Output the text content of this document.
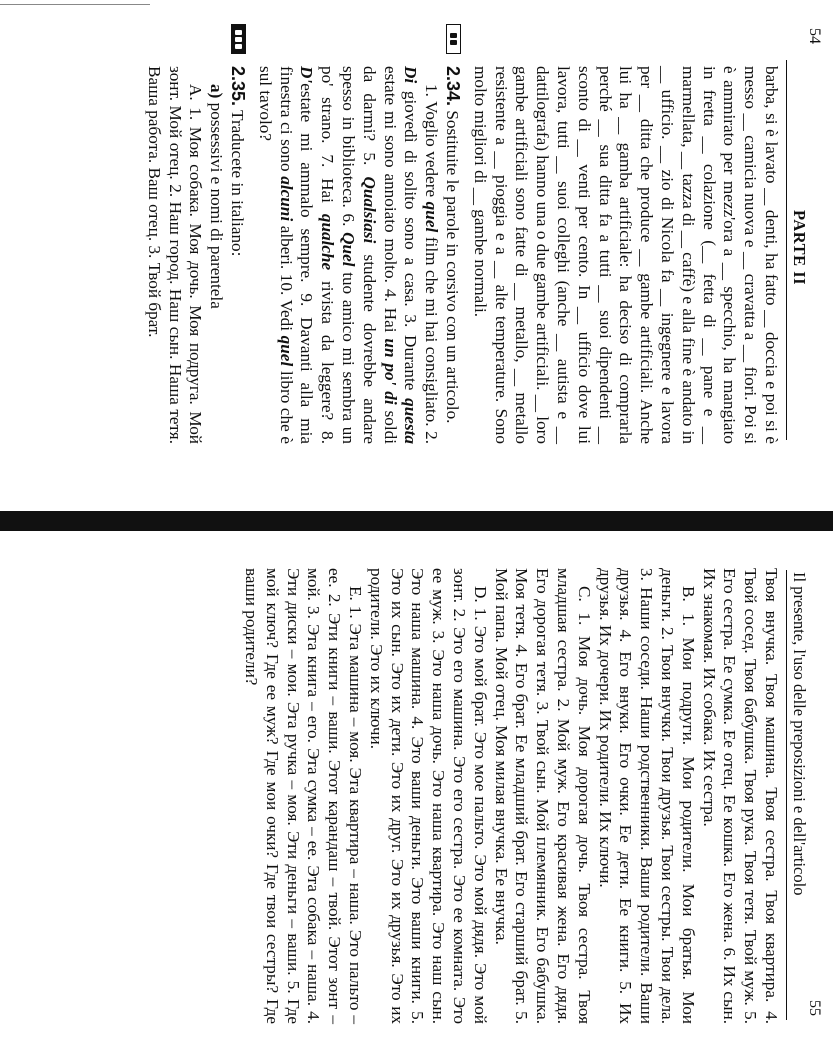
54
PARTE II

barba, si è lavato __ denti, ha fatto __ doccia e poi si è messo __ camicia nuova e __ cravatta a __ fiori. Poi si è ammirato per mezz'ora a __ specchio, ha mangiato in fretta __ colazione (__ fetta di __ pane e __ marmellata, __ tazza di __ caffè) e alla fine è andato in __ ufficio. __ zio di Nicola fa __ ingegnere e lavora per __ ditta che produce __ gambe artificiali. Anche lui ha __ gamba artificiale: ha deciso di comprarla perché __ sua ditta fa a tutti __ suoi dipendenti __ sconto di __ venti per cento. In __ ufficio dove lui lavora, tutti __ suoi colleghi (anche __ autista e __ dattilografa) hanno una o due gambe artificiali. __ loro gambe artificiali sono fatte di __ metallo, __ metallo resistente a __ pioggia e a __ alte temperature. Sono molto migliori di __ gambe normali.

2.34. Sostituite le parole in corsivo con un articolo.

1. Voglio vedere quel film che mi hai consigliato. 2. Di giovedì di solito sono a casa. 3. Durante questa estate mi sono annoiato molto. 4. Hai un po' di soldi da darmi? 5. Qualsiasi studente dovrebbe andare spesso in biblioteca. 6. Quel tuo amico mi sembra un po' strano. 7. Hai qualche rivista da leggere? 8. D'estate mi ammalo sempre. 9. Davanti alla mia finestra ci sono alcuni alberi. 10. Vedi quel libro che è sul tavolo?

2.35. Traducete in italiano:

a) possessivi e nomi di parentela

А. 1. Моя собака. Моя дочь. Моя подруга. Мой зонт. Мой отец. 2. Наш город. Наш сын. Наша тетя. Ваша работа. Ваш отец. 3. Твой брат.

55
Il presente, l'uso delle preposizioni e dell'articolo

Твоя внучка. Твоя машина. Твоя сестра. Твоя квартира. 4. Твой сосед. Твоя бабушка. Твоя рука. Твоя тетя. Твой муж. 5. Его сестра. Ее сумка. Ее отец. Ее кошка. Его жена. 6. Их сын. Их знакомая. Их собака. Их сестра.

B. 1. Мои подруги. Мои родители. Мои братья. Мои деньги. 2. Твои внучки. Твои друзья. Твои сестры. Твои дела. 3. Наши соседи. Наши родственники. Ваши родители. Ваши друзья. 4. Его внуки. Его очки. Ее дети. Ее книги. 5. Их друзья. Их дочери. Их родители. Их ключи.

C. 1. Моя дочь. Моя дорогая дочь. Твоя сестра. Твоя младшая сестра. 2. Мой муж. Его красивая жена. Его дядя. Его дорогая тетя. 3. Твой сын. Мой племянник. Его бабушка. Моя тетя. 4. Его брат. Ее младший брат. Его старший брат. 5. Мой папа. Мой отец. Моя милая внучка. Ее внучка.

D. 1. Это мой брат. Это мое пальто. Это мой дядя. Это мой зонт. 2. Это его машина. Это его сестра. Это ее комната. Это ее муж. 3. Это наша дочь. Это наша квартира. Это наш сын. Это наша машина. 4. Это ваши деньги. Это ваши книги. 5. Это их сын. Это их дети. Это их друг. Это их друзья. Это их родители. Это их ключи.

E. 1. Эта машина – моя. Эта квартира – наша. Это пальто – ее. 2. Эти книги – ваши. Этот карандаш – твой. Этот зонт – мой. 3. Эта книга – его. Эта сумка – ее. Эта собака – наша. 4. Эти диски – мои. Эта ручка – моя. Эти деньги – ваши. 5. Где мой ключ? Где ее муж? Где мои очки? Где твои сестры? Где ваши родители?
